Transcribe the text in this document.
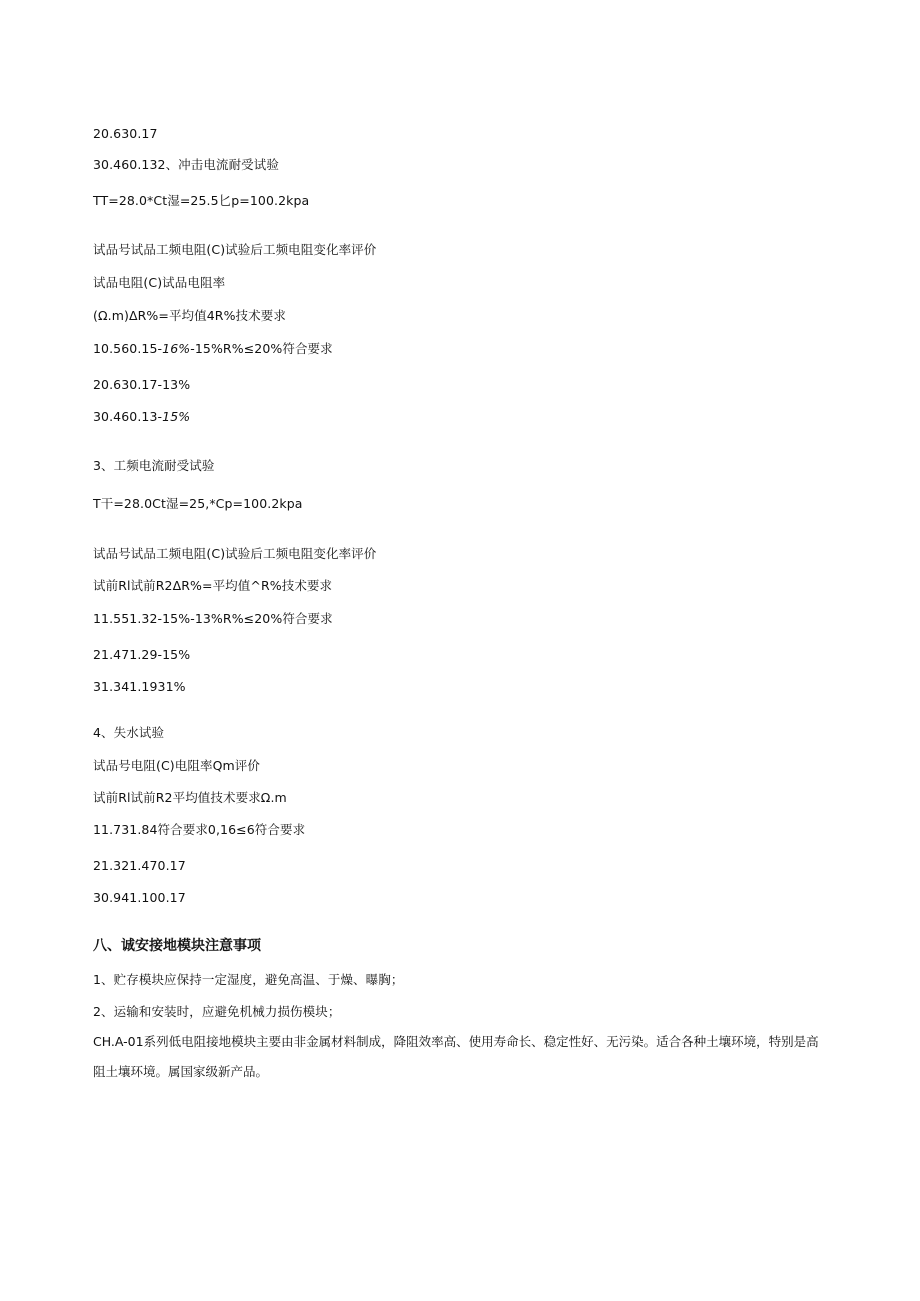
20.630.17
30.460.132、冲击电流耐受试验
TT=28.0*Ct湿=25.5匕p=100.2kpa
试品号试品工频电阻(C)试验后工频电阻变化率评价
试品电阻(C)试品电阻率
(Ω.m)ΔR%=平均值4R%技术要求
10.560.15-16%-15%R%≤20%符合要求
20.630.17-13%
30.460.13-15%
3、工频电流耐受试验
T干=28.0Ct湿=25,*Cp=100.2kpa
试品号试品工频电阻(C)试验后工频电阻变化率评价
试前Rl试前R2ΔR%=平均值^R%技术要求
11.551.32-15%-13%R%≤20%符合要求
21.471.29-15%
31.341.1931%
4、失水试验
试品号电阻(C)电阻率Qm评价
试前Rl试前R2平均值技术要求Ω.m
11.731.84符合要求0,16≤6符合要求
21.321.470.17
30.941.100.17
八、诚安接地模块注意事项
1、贮存模块应保持一定湿度，避免高温、于燥、曝胸；
2、运输和安装时，应避免机械力损伤模块；
CH.A-01系列低电阻接地模块主要由非金属材料制成，降阻效率高、使用寿命长、稳定性好、无污染。适合各种土壤环境，特别是高阻土壤环境。属国家级新产品。
